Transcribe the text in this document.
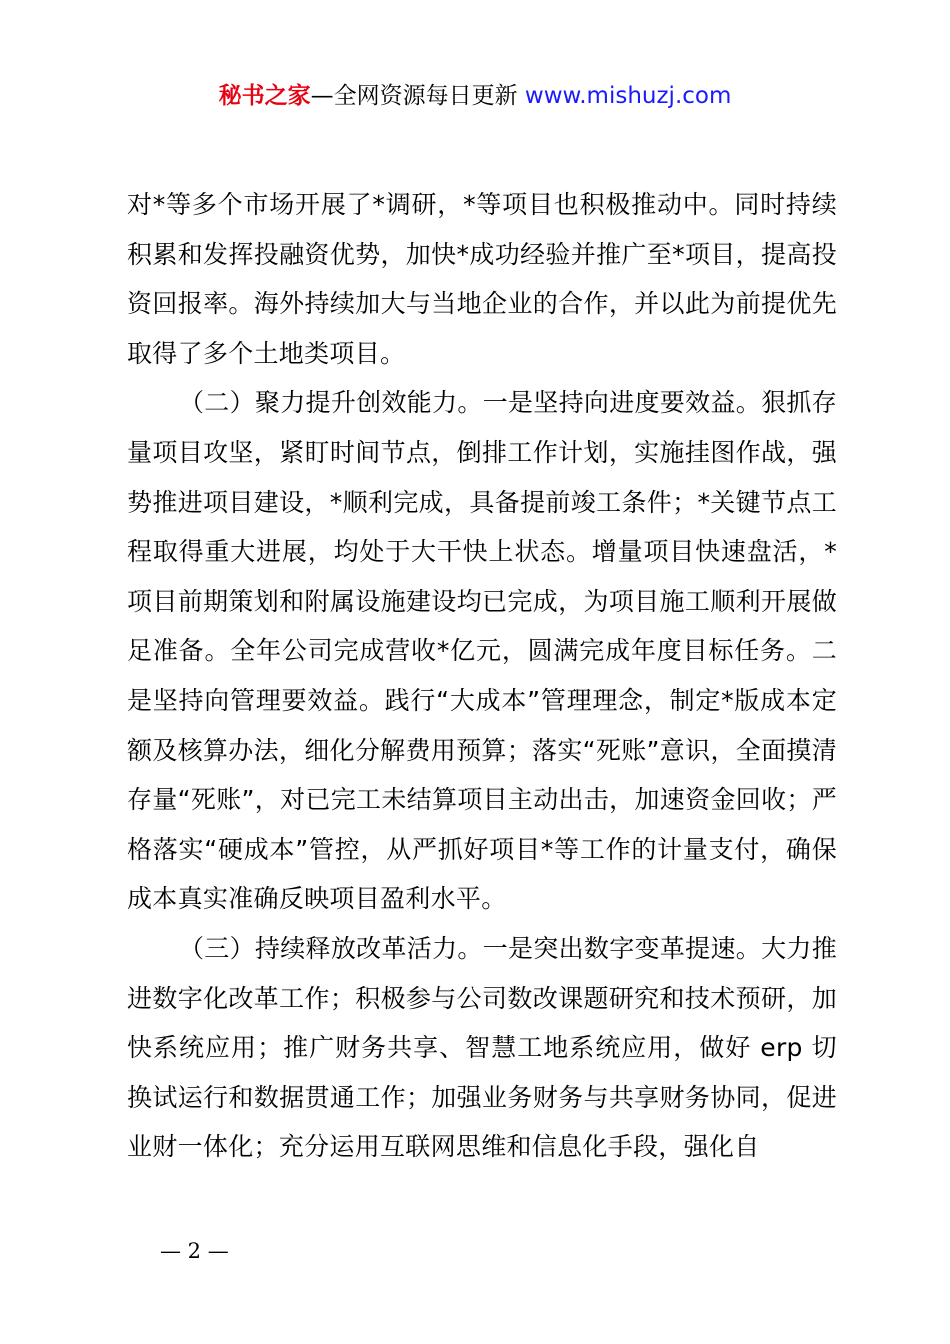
秘书之家—全网资源每日更新 www.mishuzj.com

对*等多个市场开展了*调研，*等项目也积极推动中。同时持续积累和发挥投融资优势，加快*成功经验并推广至*项目，提高投资回报率。海外持续加大与当地企业的合作，并以此为前提优先取得了多个土地类项目。

（二）聚力提升创效能力。一是坚持向进度要效益。狠抓存量项目攻坚，紧盯时间节点，倒排工作计划，实施挂图作战，强势推进项目建设，*顺利完成，具备提前竣工条件；*关键节点工程取得重大进展，均处于大干快上状态。增量项目快速盘活，*项目前期策划和附属设施建设均已完成，为项目施工顺利开展做足准备。全年公司完成营收*亿元，圆满完成年度目标任务。二是坚持向管理要效益。践行“大成本”管理理念，制定*版成本定额及核算办法，细化分解费用预算；落实“死账”意识，全面摸清存量“死账”，对已完工未结算项目主动出击，加速资金回收；严格落实“硬成本”管控，从严抓好项目*等工作的计量支付，确保成本真实准确反映项目盈利水平。

（三）持续释放改革活力。一是突出数字变革提速。大力推进数字化改革工作；积极参与公司数改课题研究和技术预研，加快系统应用；推广财务共享、智慧工地系统应用，做好 erp 切换试运行和数据贯通工作；加强业务财务与共享财务协同，促进业财一体化；充分运用互联网思维和信息化手段，强化自

— 2 —
